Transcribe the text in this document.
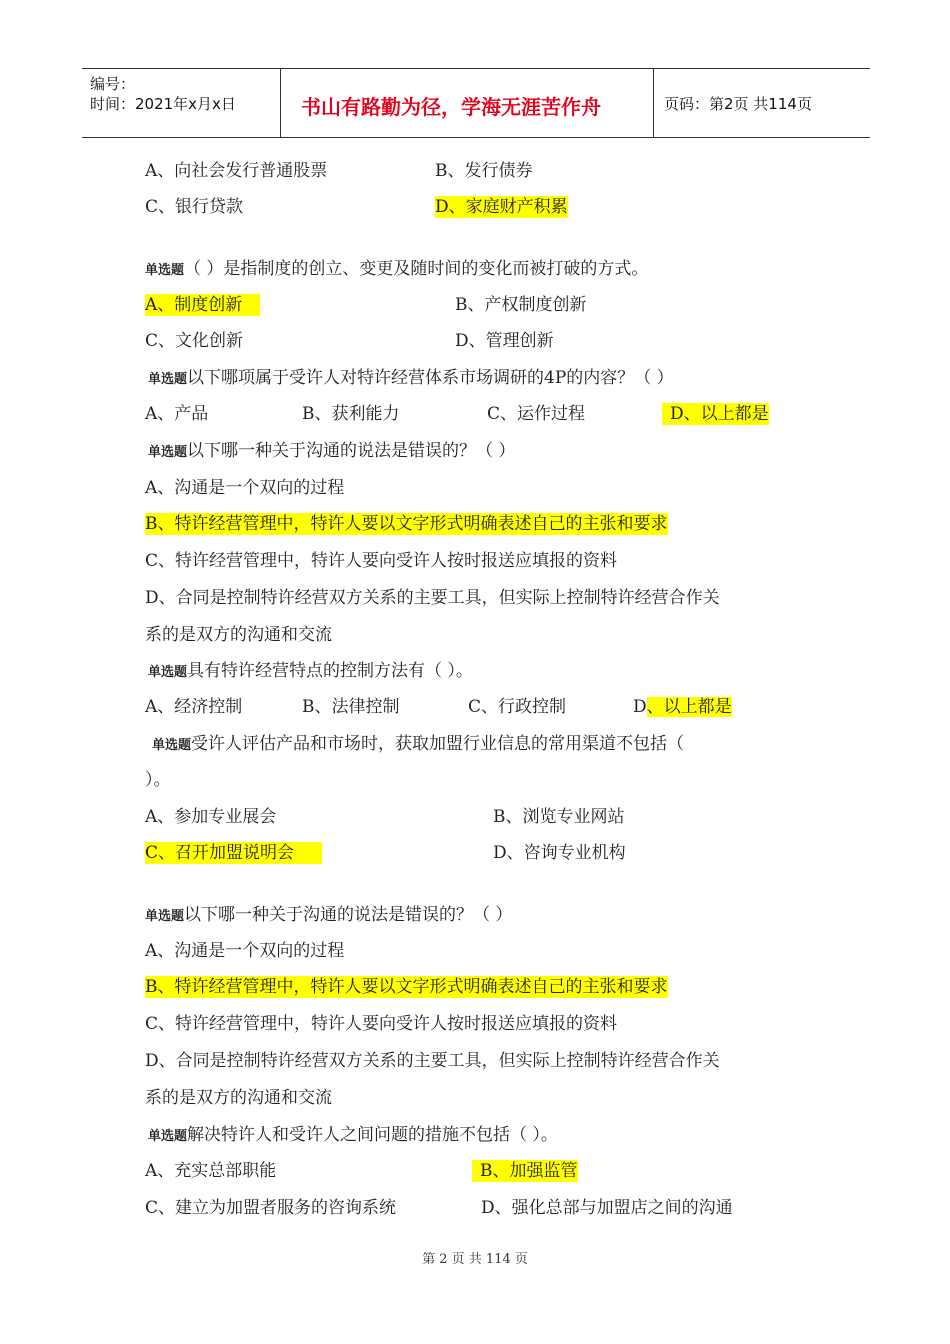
编号：
时间：2021年x月x日	书山有路勤为径，学海无涯苦作舟	页码：第2页 共114页
A、向社会发行普通股票	B、发行债券
C、银行贷款	D、家庭财产积累
单选题（ ）是指制度的创立、变更及随时间的变化而被打破的方式。
A、制度创新	B、产权制度创新
C、文化创新	D、管理创新
单选题以下哪项属于受许人对特许经营体系市场调研的4P的内容？（ ）
A、产品	B、获利能力	C、运作过程	D、以上都是
单选题以下哪一种关于沟通的说法是错误的？（ ）
A、沟通是一个双向的过程
B、特许经营管理中，特许人要以文字形式明确表述自己的主张和要求
C、特许经营管理中，特许人要向受许人按时报送应填报的资料
D、合同是控制特许经营双方关系的主要工具，但实际上控制特许经营合作关
系的是双方的沟通和交流
单选题具有特许经营特点的控制方法有（ ）。
A、经济控制	B、法律控制	C、行政控制	D、以上都是
单选题受许人评估产品和市场时，获取加盟行业信息的常用渠道不包括（
）。
A、参加专业展会	B、浏览专业网站
C、召开加盟说明会	D、咨询专业机构
单选题以下哪一种关于沟通的说法是错误的？（ ）
A、沟通是一个双向的过程
B、特许经营管理中，特许人要以文字形式明确表述自己的主张和要求
C、特许经营管理中，特许人要向受许人按时报送应填报的资料
D、合同是控制特许经营双方关系的主要工具，但实际上控制特许经营合作关
系的是双方的沟通和交流
单选题解决特许人和受许人之间问题的措施不包括（ ）。
A、充实总部职能	B、加强监管
C、建立为加盟者服务的咨询系统	D、强化总部与加盟店之间的沟通
第 2 页 共 114 页
